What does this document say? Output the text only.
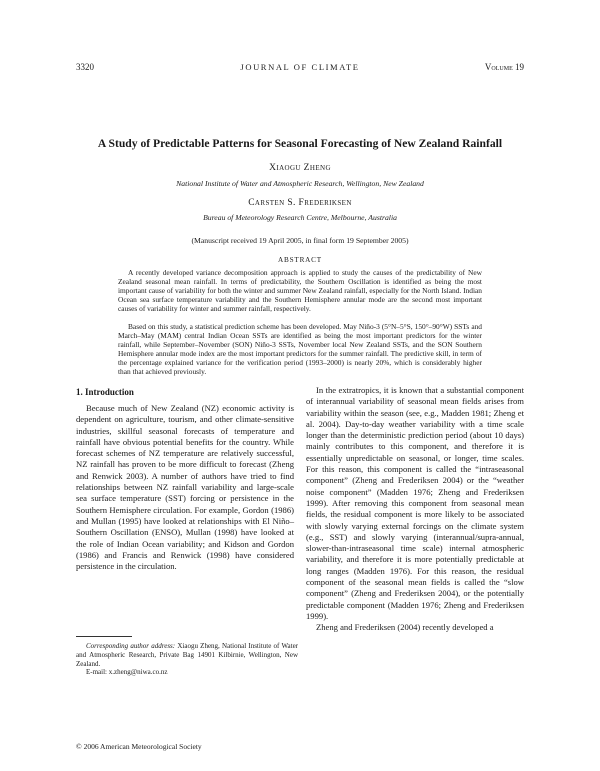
3320	JOURNAL OF CLIMATE	Volume 19
A Study of Predictable Patterns for Seasonal Forecasting of New Zealand Rainfall
Xiaogu Zheng
National Institute of Water and Atmospheric Research, Wellington, New Zealand
Carsten S. Frederiksen
Bureau of Meteorology Research Centre, Melbourne, Australia
(Manuscript received 19 April 2005, in final form 19 September 2005)
ABSTRACT

A recently developed variance decomposition approach is applied to study the causes of the predictability of New Zealand seasonal mean rainfall. In terms of predictability, the Southern Oscillation is identified as being the most important cause of variability for both the winter and summer New Zealand rainfall, especially for the North Island. Indian Ocean sea surface temperature variability and the Southern Hemisphere annular mode are the second most important causes of variability for winter and summer rainfall, respectively.

Based on this study, a statistical prediction scheme has been developed. May Niño-3 (5°N–5°S, 150°–90°W) SSTs and March–May (MAM) central Indian Ocean SSTs are identified as being the most important predictors for the winter rainfall, while September–November (SON) Niño-3 SSTs, November local New Zealand SSTs, and the SON Southern Hemisphere annular mode index are the most important predictors for the summer rainfall. The predictive skill, in term of the percentage explained variance for the verification period (1993–2000) is nearly 20%, which is considerably higher than that achieved previously.

1. Introduction

Because much of New Zealand (NZ) economic activity is dependent on agriculture, tourism, and other climate-sensitive industries, skillful seasonal forecasts of temperature and rainfall have obvious potential benefits for the country. While forecast schemes of NZ temperature are relatively successful, NZ rainfall has proven to be more difficult to forecast (Zheng and Renwick 2003). A number of authors have tried to find relationships between NZ rainfall variability and large-scale sea surface temperature (SST) forcing or persistence in the Southern Hemisphere circulation. For example, Gordon (1986) and Mullan (1995) have looked at relationships with El Niño–Southern Oscillation (ENSO), Mullan (1998) have looked at the role of Indian Ocean variability; and Kidson and Gordon (1986) and Francis and Renwick (1998) have considered persistence in the circulation.

In the extratropics, it is known that a substantial component of interannual variability of seasonal mean fields arises from variability within the season (see, e.g., Madden 1981; Zheng et al. 2004). Day-to-day weather variability with a time scale longer than the deterministic prediction period (about 10 days) mainly contributes to this component, and therefore it is essentially unpredictable on seasonal, or longer, time scales. For this reason, this component is called the “intraseasonal component” (Zheng and Frederiksen 2004) or the “weather noise component” (Madden 1976; Zheng and Frederiksen 1999). After removing this component from seasonal mean fields, the residual component is more likely to be associated with slowly varying external forcings on the climate system (e.g., SST) and slowly varying (interannual/supra-annual, slower-than-intraseasonal time scale) internal atmospheric variability, and therefore it is more potentially predictable at long ranges (Madden 1976). For this reason, the residual component of the seasonal mean fields is called the “slow component” (Zheng and Frederiksen 2004), or the potentially predictable component (Madden 1976; Zheng and Frederiksen 1999).

Zheng and Frederiksen (2004) recently developed a

Corresponding author address: Xiaogu Zheng, National Institute of Water and Atmospheric Research, Private Bag 14901 Kilbirnie, Wellington, New Zealand.
E-mail: x.zheng@niwa.co.nz
© 2006 American Meteorological Society
